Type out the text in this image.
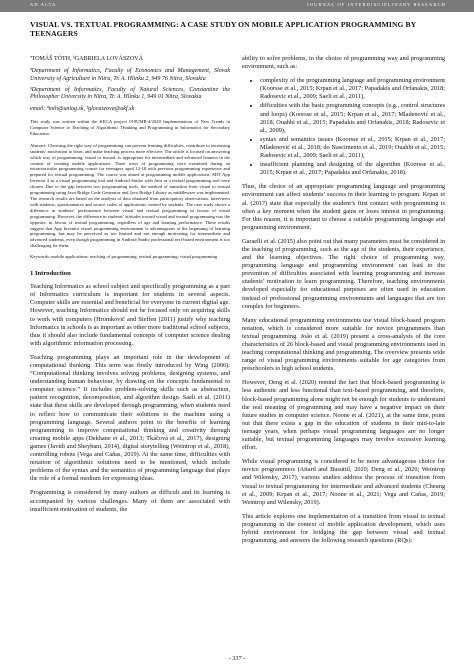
AD ALTA	JOURNAL OF INTERDISCIPLINARY RESEARCH
VISUAL VS. TEXTUAL PROGRAMMING: A CASE STUDY ON MOBILE APPLICATION PROGRAMMING BY TEENAGERS
ªTOMÁŠ TÓTH, ᵇGABRIELA LOVÁSZOVÁ
ªDepartment of Informatics, Faculty of Economics and Management, Slovak University of Agriculture in Nitra, Tr. A. Hlinku 2, 949 76 Nitra, Slovakia
ᵇDepartment of Informatics, Faculty of Natural Sciences, Constantine the Philosopher University in Nitra, Tr. A. Hlinku 1, 949 01 Nitra, Slovakia
email: ªtoth@uniag.sk, ᵇglovaszova@ukf.sk
This study was written within the KEGA project 019UMB-4/2020 Implementation of New Trends in Computer Science to Teaching of Algorithmic Thinking and Programming in Informatics for Secondary Education.
Abstract: Choosing the right way of programming can prevent learning difficulties, contribute to increasing students’ motivation to learn, and make teaching process more effective. The article is focused on answering which way of programming, visual or textual, is appropriate for intermediate and advanced learners in the context of creating mobile applications. Three ways of programming were examined during an extracurricular programming course for teenagers aged 12-18 with previous programming experience and prepared for textual programming. The course was aimed at programming mobile applications. MIT App Inventor 2 as a visual programming tool and Android Studio with Java as a textual programming tool were chosen. Due to the gap between two programming tools, the method of transition from visual to textual programming using Java Bridge Code Generator and Java Bridge Library as middleware was implemented. The research results are based on the analysis of data obtained from participatory observations, interviews with students, questionnaires and source codes of applications created by students. The case study shows a difference in students’ performance between visual and textual programming in favour of visual programming. However, the difference in students’ attitudes toward visual and textual programming was the opposite, in favour of textual programming, regardless of age and learning performance. These results suggest that App Inventor visual programming environment is advantageous at the beginning of learning programming, but may be perceived as too limited and not enough motivating for intermediate and advanced students, even though programming in Android Studio professional text-based environment is too challenging for them.
Keywords: mobile applications; teaching of programming; textual programming; visual programming
1 Introduction

Teaching Informatics as school subject and specifically programming as a part of Informatics curriculum is important for students in several aspects. Computer skills are essential and beneficial for everyone in current digital age. However, teaching Informatics should not be focused only on acquiring skills to work with computers (Hromkovič and Steffen (2011) justify why teaching Informatics in schools is as important as other more traditional school subjects, thus it should also include fundamental concepts of computer science dealing with algorithmic information processing.

Teaching programming plays an important role in the development of computational thinking. This term was firstly introduced by Wing (2006): “Computational thinking involves solving problems, designing systems, and understanding human behaviour, by drawing on the concepts fundamental to computer science.” It includes problem-solving skills such as abstraction, pattern recognition, decomposition, and algorithm design. Saeli et al. (2011) state that these skills are developed through programming, when students need to reflect how to communicate their solutions to the machine using a programming language. Several authors point to the benefits of learning programming to improve computational thinking and creativity through creating mobile apps (Dekhane et al., 2013; Tkáčová et al., 2017), designing games (Javidi and Sheybani, 2014), digital storytelling (Weintrop et al., 2018), controlling robots (Vega and Cañas, 2019). At the same time, difficulties with notation of algorithmic solutions need to be mentioned, which include problems of the syntax and the semantics of programming language that plays the role of a formal medium for expressing ideas.

Programming is considered by many authors as difficult and its learning is accompanied by various challenges. Many of them are associated with insufficient motivation of students, the

ability to solve problems, in the choice of programming way and programming environment, such as:

• complexity of the programming language and programming environment (Koorsse et al., 2015; Krpan et al., 2017; Papadakis and Orfanakis, 2018; Radosevic et al., 2009; Saeli et al., 2011),
• difficulties with the basic programming concepts (e.g., control structures and loops) (Koorsse et al., 2015; Krpan et al., 2017; Mladenović et al., 2018; Ouahbi et al., 2015; Papadakis and Orfanakis, 2018; Radosevic et al., 2009),
• syntax and semantics issues (Koorsse et al., 2015; Krpan et al., 2017; Mladenović et al., 2018; do Nascimento et al., 2019; Ouahbi et al., 2015; Radosevic et al., 2009; Saeli et al., 2011),
• insufficient planning and designing of the algorithm (Koorsse et al., 2015; Krpan et al., 2017; Papadakis and Orfanakis, 2018).

Thus, the choice of an appropriate programming language and programming environment can affect students’ success in their learning to program. Krpan et al. (2017) state that especially the student’s first contact with programming is often a key moment when the student gains or loses interest in programming. For this reason, it is important to choose a suitable programming language and programming environment.

Garaelli et al. (2015) also point out that many parameters must be considered in the teaching of programming, such as the age of the students, their experience, and the learning objectives. The right choice of programming way, programming language and programming environment can lead to the prevention of difficulties associated with learning programming and increase students’ motivation to learn programming. Therefore, teaching environments developed especially for educational purposes are often used in education instead of professional programming environments and languages that are too complex for beginners.

Many educational programming environments use visual block-based program notation, which is considered more suitable for novice programmers than textual programming. João et al. (2019) present a cross-analysis of the core characteristics of 26 block-based and visual programming environments used in teaching computational thinking and programming. The overview presents wide range of visual programming environments suitable for age categories from preschoolers to high school students.

However, Deng et al. (2020) remind the fact that block-based programming is less authentic and less functional than text-based programming, and therefore, block-based programming alone might not be enough for students to understand the real meaning of programming and may have a negative impact on their future studies in computer science. Noone et al. (2021), at the same time, point out that there exists a gap in the education of students in their mid-to-late teenage years, when perhaps visual programming languages are no longer suitable, but textual programming languages may involve excessive learning effort.

While visual programming is considered to be more advantageous choice for novice programmers (Attard and Busuttil, 2020; Deng et al., 2020; Weintrop and Wilensky, 2017), various studies address the process of transition from visual to textual programming for intermediate and advanced students (Cheung et al., 2009; Krpan et al., 2017; Noone et al., 2021; Vega and Cañas, 2019; Weintrop and Wilensky, 2019).

This article explores one implementation of a transition from visual to textual programming in the context of mobile application development, which uses hybrid environment for bridging the gap between visual and textual programming, and answers the following research questions (RQs):

- 337 -
